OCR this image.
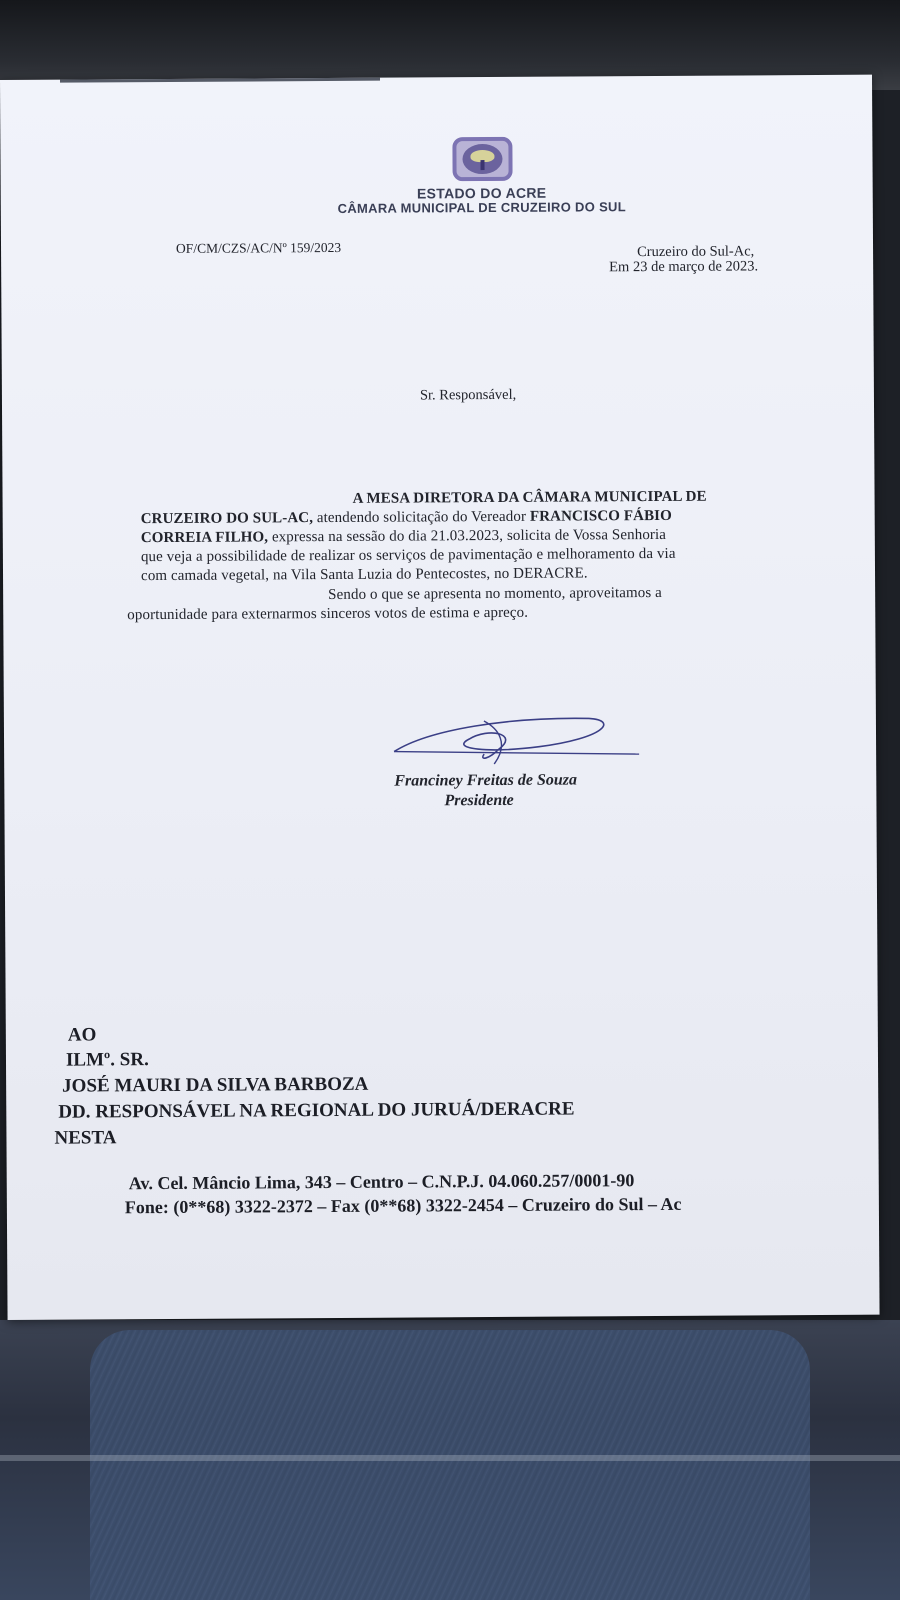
ESTADO DO ACRE
CÂMARA MUNICIPAL DE CRUZEIRO DO SUL
OF/CM/CZS/AC/Nº 159/2023	Cruzeiro do Sul-Ac,
Em 23 de março de 2023.
Sr. Responsável,
A MESA DIRETORA DA CÂMARA MUNICIPAL DE
CRUZEIRO DO SUL-AC, atendendo solicitação do Vereador FRANCISCO FÁBIO
CORREIA FILHO, expressa na sessão do dia 21.03.2023, solicita de Vossa Senhoria
que veja a possibilidade de realizar os serviços de pavimentação e melhoramento da via
com camada vegetal, na Vila Santa Luzia do Pentecostes, no DERACRE.
Sendo o que se apresenta no momento, aproveitamos a
oportunidade para externarmos sinceros votos de estima e apreço.
Franciney Freitas de Souza
Presidente
AO
ILMº. SR.
JOSÉ MAURI DA SILVA BARBOZA
DD. RESPONSÁVEL NA REGIONAL DO JURUÁ/DERACRE
NESTA
Av. Cel. Mâncio Lima, 343 – Centro – C.N.P.J. 04.060.257/0001-90
Fone: (0**68) 3322-2372 – Fax (0**68) 3322-2454 – Cruzeiro do Sul – Ac
